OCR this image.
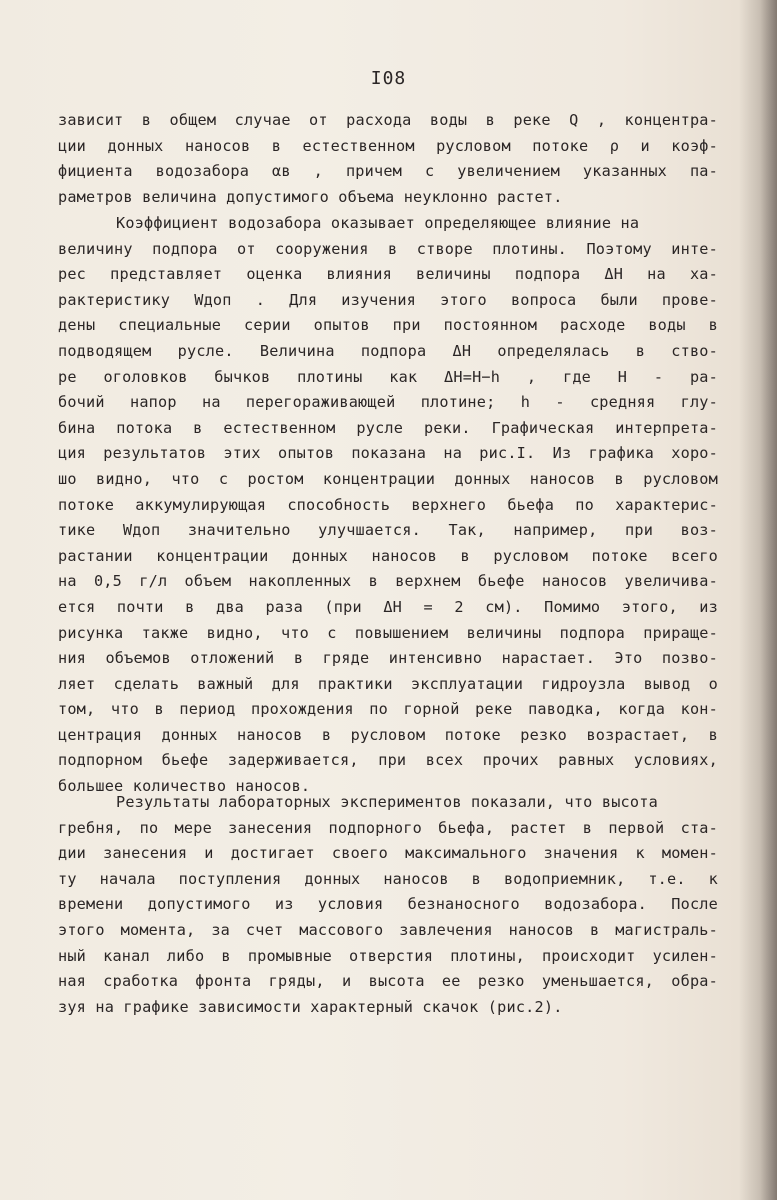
I08
зависит в общем случае от расхода воды в реке Q , концентра-
ции донных наносов в естественном русловом потоке ρ и коэф-
фициента водозабора αв , причем с увеличением указанных па-
раметров величина допустимого объема неуклонно растет.
Коэффициент водозабора оказывает определяющее влияние на
величину подпора от сооружения в створе плотины. Поэтому инте-
рес представляет оценка влияния величины подпора ΔH на ха-
рактеристику Wдоп . Для изучения этого вопроса были прове-
дены специальные серии опытов при постоянном расходе воды в
подводящем русле. Величина подпора ΔH определялась в ство-
ре оголовков бычков плотины как ΔH=H−h , где H - ра-
бочий напор на перегораживающей плотине; h - средняя глу-
бина потока в естественном русле реки. Графическая интерпрета-
ция результатов этих опытов показана на рис.I. Из графика хоро-
шо видно, что с ростом концентрации донных наносов в русловом
потоке аккумулирующая способность верхнего бьефа по характерис-
тике Wдоп значительно улучшается. Так, например, при воз-
растании концентрации донных наносов в русловом потоке всего
на 0,5 г/л объем накопленных в верхнем бьефе наносов увеличива-
ется почти в два раза (при ΔH = 2 см). Помимо этого, из
рисунка также видно, что с повышением величины подпора прираще-
ния объемов отложений в гряде интенсивно нарастает. Это позво-
ляет сделать важный для практики эксплуатации гидроузла вывод о
том, что в период прохождения по горной реке паводка, когда кон-
центрация донных наносов в русловом потоке резко возрастает, в
подпорном бьефе задерживается, при всех прочих равных условиях,
большее количество наносов.
Результаты лабораторных экспериментов показали, что высота
гребня, по мере занесения подпорного бьефа, растет в первой ста-
дии занесения и достигает своего максимального значения к момен-
ту начала поступления донных наносов в водоприемник, т.е. к
времени допустимого из условия безнаносного водозабора. После
этого момента, за счет массового завлечения наносов в магистраль-
ный канал либо в промывные отверстия плотины, происходит усилен-
ная сработка фронта гряды, и высота ее резко уменьшается, обра-
зуя на графике зависимости характерный скачок (рис.2).
